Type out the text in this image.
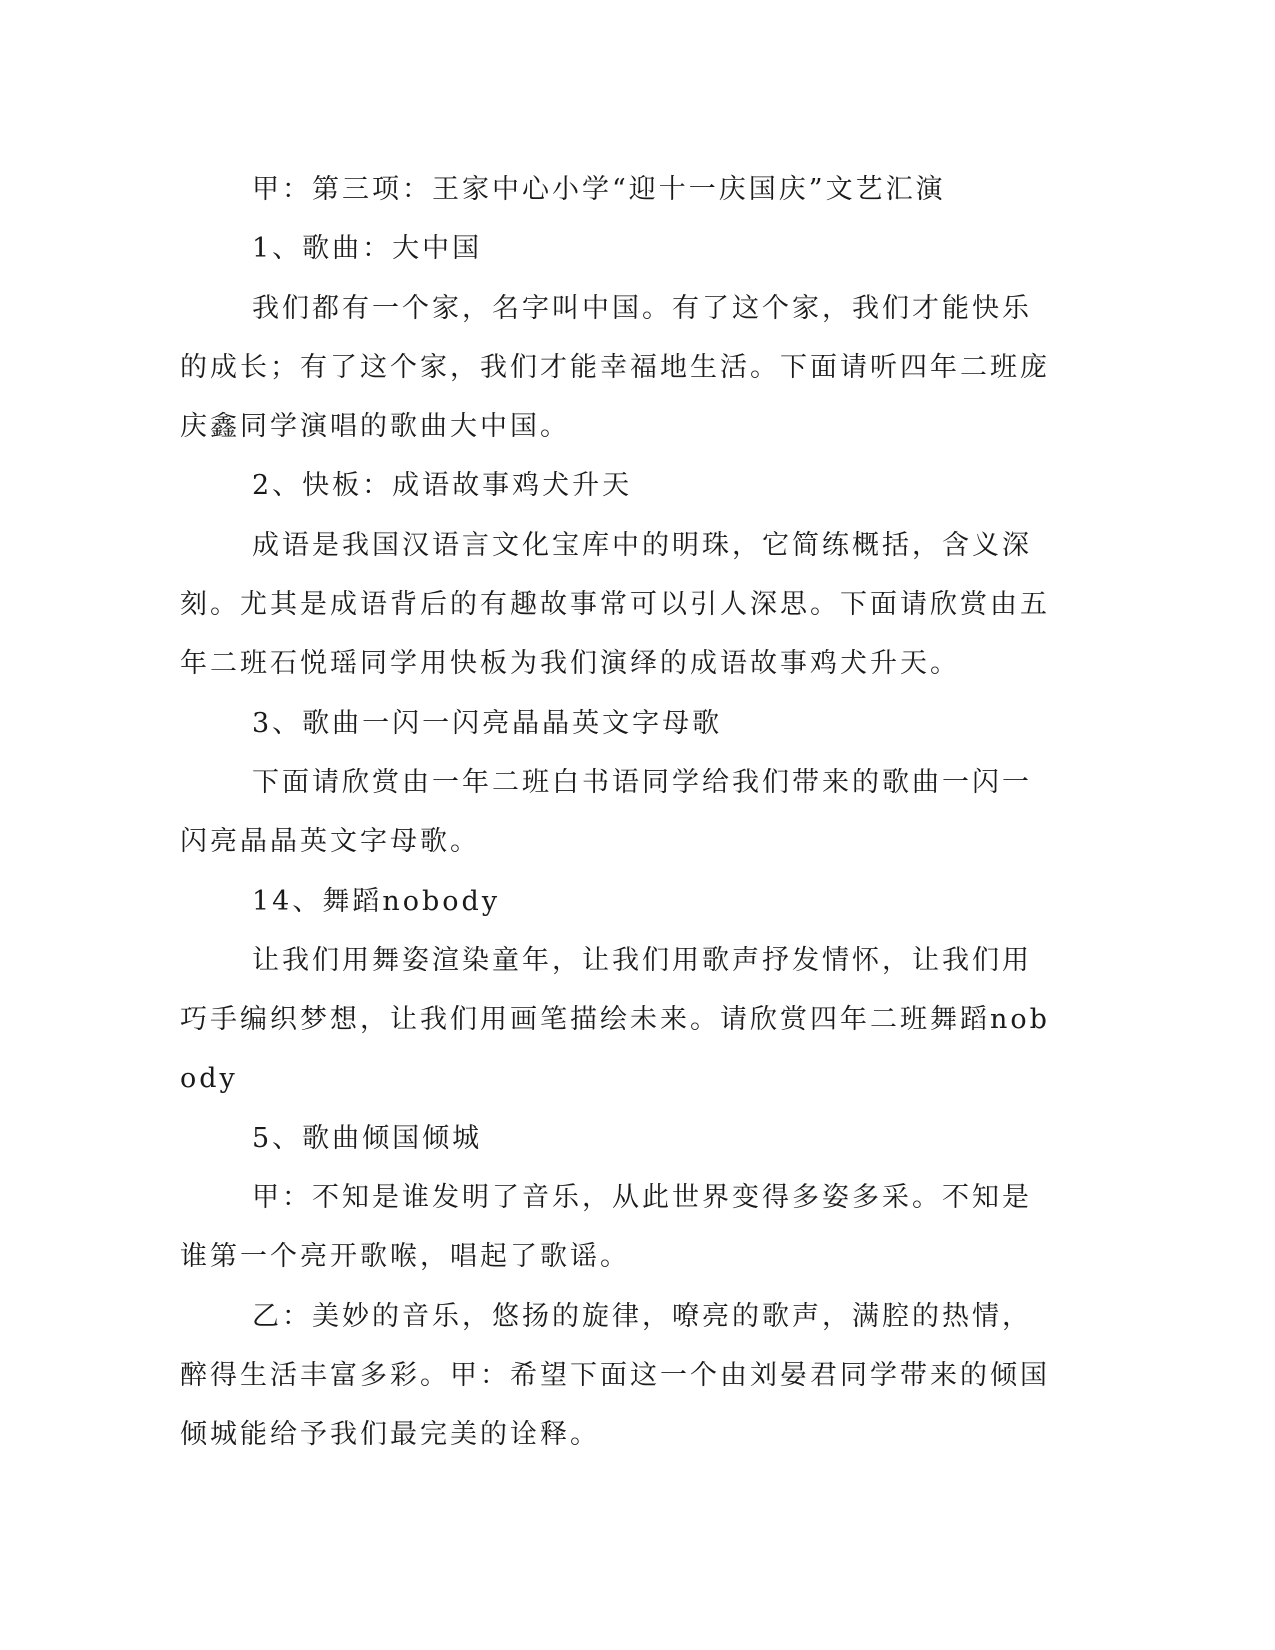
甲：第三项：王家中心小学“迎十一庆国庆”文艺汇演

1、歌曲：大中国

我们都有一个家，名字叫中国。有了这个家，我们才能快乐的成长；有了这个家，我们才能幸福地生活。下面请听四年二班庞庆鑫同学演唱的歌曲大中国。

2、快板：成语故事鸡犬升天

成语是我国汉语言文化宝库中的明珠，它简练概括，含义深刻。尤其是成语背后的有趣故事常可以引人深思。下面请欣赏由五年二班石悦瑶同学用快板为我们演绎的成语故事鸡犬升天。

3、歌曲一闪一闪亮晶晶英文字母歌

下面请欣赏由一年二班白书语同学给我们带来的歌曲一闪一闪亮晶晶英文字母歌。

14、舞蹈nobody

让我们用舞姿渲染童年，让我们用歌声抒发情怀，让我们用巧手编织梦想，让我们用画笔描绘未来。请欣赏四年二班舞蹈nobody

5、歌曲倾国倾城

甲：不知是谁发明了音乐，从此世界变得多姿多采。不知是谁第一个亮开歌喉，唱起了歌谣。

乙：美妙的音乐，悠扬的旋律，嘹亮的歌声，满腔的热情，醉得生活丰富多彩。甲：希望下面这一个由刘晏君同学带来的倾国倾城能给予我们最完美的诠释。
